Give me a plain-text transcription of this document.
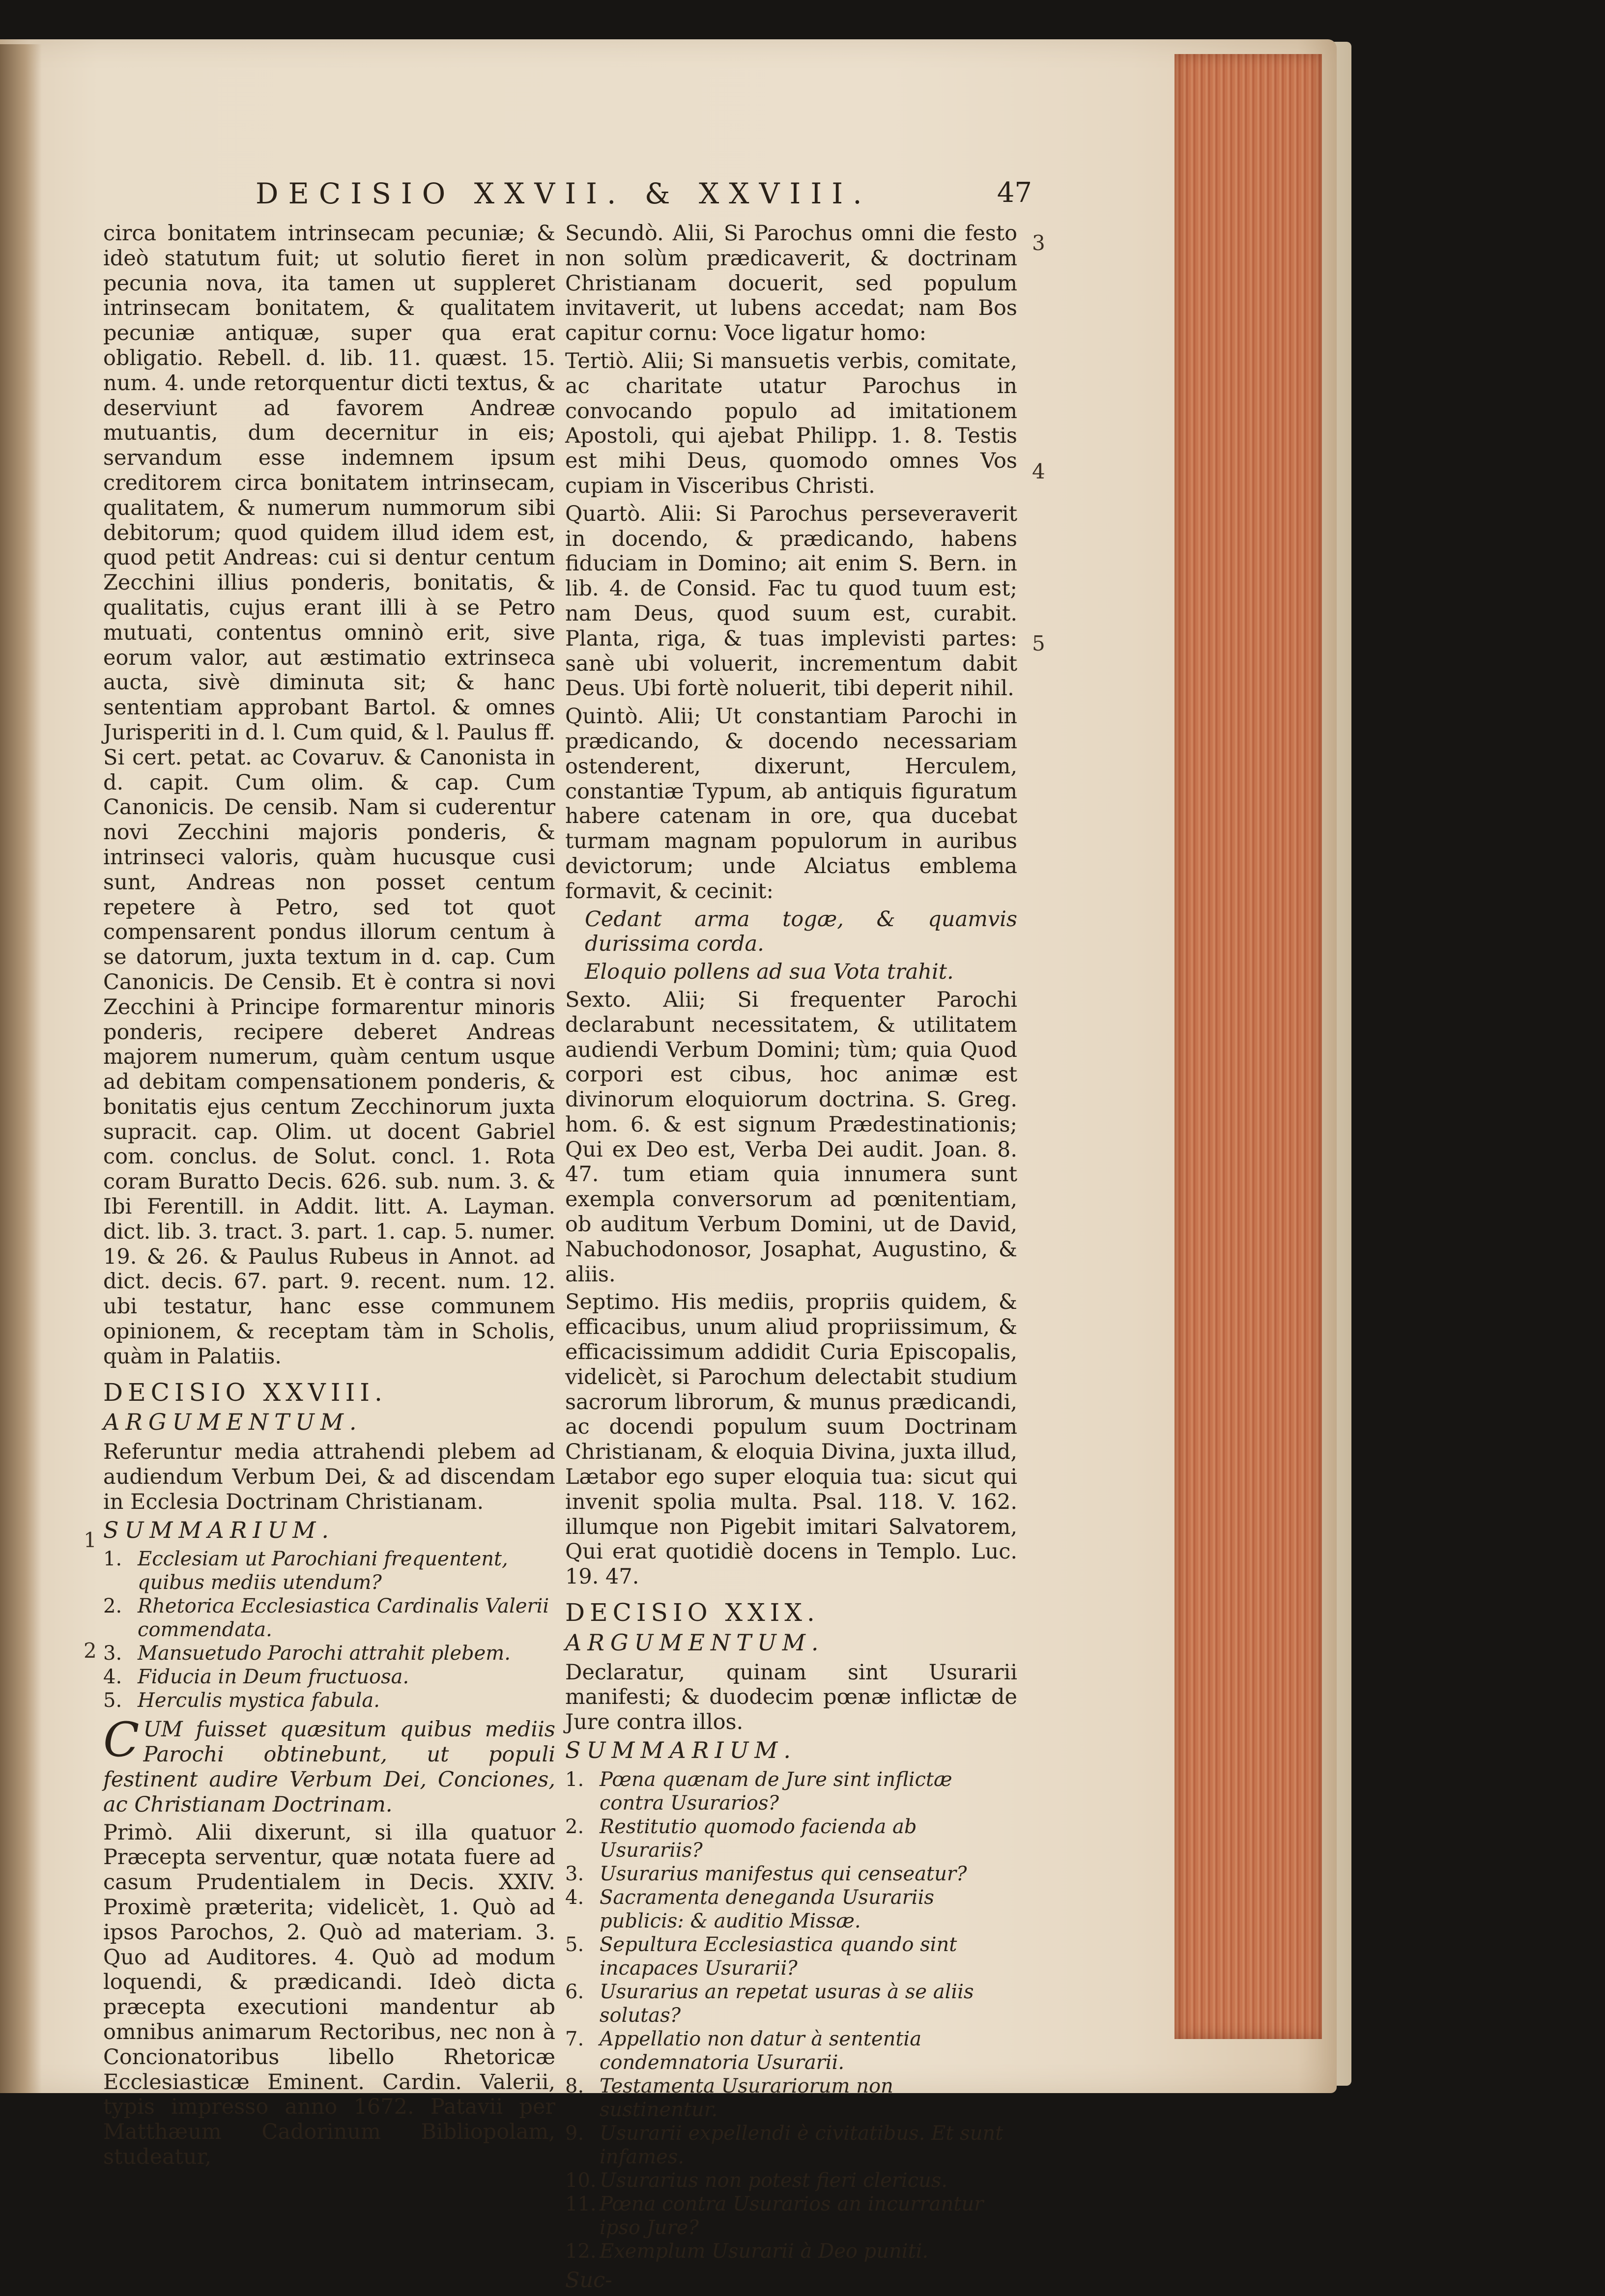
DECISIO XXVII. & XXVIII.	47
3
4
5
1
2

circa bonitatem intrinsecam pecuniæ; & ideò statutum fuit; ut solutio fieret in pecunia nova, ita tamen ut suppleret intrinsecam bonitatem, & qualitatem pecuniæ antiquæ, super qua erat obligatio. Rebell. d. lib. 11. quæst. 15. num. 4. unde retorquentur dicti textus, & deserviunt ad favorem Andreæ mutuantis, dum decernitur in eis; servandum esse indemnem ipsum creditorem circa bonitatem intrinsecam, qualitatem, & numerum nummorum sibi debitorum; quod quidem illud idem est, quod petit Andreas: cui si dentur centum Zecchini illius ponderis, bonitatis, & qualitatis, cujus erant illi à se Petro mutuati, contentus omninò erit, sive eorum valor, aut æstimatio extrinseca aucta, sivè diminuta sit; & hanc sententiam approbant Bartol. & omnes Jurisperiti in d. l. Cum quid, & l. Paulus ff. Si cert. petat. ac Covaruv. & Canonista in d. capit. Cum olim. & cap. Cum Canonicis. De censib. Nam si cuderentur novi Zecchini majoris ponderis, & intrinseci valoris, quàm hucusque cusi sunt, Andreas non posset centum repetere à Petro, sed tot quot compensarent pondus illorum centum à se datorum, juxta textum in d. cap. Cum Canonicis. De Censib. Et è contra si novi Zecchini à Principe formarentur minoris ponderis, recipere deberet Andreas majorem numerum, quàm centum usque ad debitam compensationem ponderis, & bonitatis ejus centum Zecchinorum juxta supracit. cap. Olim. ut docent Gabriel com. conclus. de Solut. concl. 1. Rota coram Buratto Decis. 626. sub. num. 3. & Ibi Ferentill. in Addit. litt. A. Layman. dict. lib. 3. tract. 3. part. 1. cap. 5. numer. 19. & 26. & Paulus Rubeus in Annot. ad dict. decis. 67. part. 9. recent. num. 12. ubi testatur, hanc esse communem opinionem, & receptam tàm in Scholis, quàm in Palatiis.

DECISIO XXVIII.

ARGUMENTUM.

Referuntur media attrahendi plebem ad audiendum Verbum Dei, & ad discendam in Ecclesia Doctrinam Christianam.

SUMMARIUM.

1. Ecclesiam ut Parochiani frequentent, quibus mediis utendum?
2. Rhetorica Ecclesiastica Cardinalis Valerii commendata.
3. Mansuetudo Parochi attrahit plebem.
4. Fiducia in Deum fructuosa.
5. Herculis mystica fabula.

CUM fuisset quæsitum quibus mediis Parochi obtinebunt, ut populi festinent audire Verbum Dei, Conciones, ac Christianam Doctrinam.

Primò. Alii dixerunt, si illa quatuor Præcepta serventur, quæ notata fuere ad casum Prudentialem in Decis. XXIV. Proximè præterita; videlicèt, 1. Quò ad ipsos Parochos, 2. Quò ad materiam. 3. Quo ad Auditores. 4. Quò ad modum loquendi, & prædicandi. Ideò dicta præcepta executioni mandentur ab omnibus animarum Rectoribus, nec non à Concionatoribus libello Rhetoricæ Ecclesiasticæ Eminent. Cardin. Valerii, typis impresso anno 1672. Patavii per Matthæum Cadorinum Bibliopolam, studeatur,

Secundò. Alii, Si Parochus omni die festo non solùm prædicaverit, & doctrinam Christianam docuerit, sed populum invitaverit, ut lubens accedat; nam Bos capitur cornu: Voce ligatur homo:

Tertiò. Alii; Si mansuetis verbis, comitate, ac charitate utatur Parochus in convocando populo ad imitationem Apostoli, qui ajebat Philipp. 1. 8. Testis est mihi Deus, quomodo omnes Vos cupiam in Visceribus Christi.

Quartò. Alii: Si Parochus perseveraverit in docendo, & prædicando, habens fiduciam in Domino; ait enim S. Bern. in lib. 4. de Consid. Fac tu quod tuum est; nam Deus, quod suum est, curabit. Planta, riga, & tuas implevisti partes: sanè ubi voluerit, incrementum dabit Deus. Ubi fortè noluerit, tibi deperit nihil.

Quintò. Alii; Ut constantiam Parochi in prædicando, & docendo necessariam ostenderent, dixerunt, Herculem, constantiæ Typum, ab antiquis figuratum habere catenam in ore, qua ducebat turmam magnam populorum in auribus devictorum; unde Alciatus emblema formavit, & cecinit:

Cedant arma togæ, & quamvis durissima corda.

Eloquio pollens ad sua Vota trahit.

Sexto. Alii; Si frequenter Parochi declarabunt necessitatem, & utilitatem audiendi Verbum Domini; tùm; quia Quod corpori est cibus, hoc animæ est divinorum eloquiorum doctrina. S. Greg. hom. 6. & est signum Prædestinationis; Qui ex Deo est, Verba Dei audit. Joan. 8. 47. tum etiam quia innumera sunt exempla conversorum ad pœnitentiam, ob auditum Verbum Domini, ut de David, Nabuchodonosor, Josaphat, Augustino, & aliis.

Septimo. His mediis, propriis quidem, & efficacibus, unum aliud propriissimum, & efficacissimum addidit Curia Episcopalis, videlicèt, si Parochum delectabit studium sacrorum librorum, & munus prædicandi, ac docendi populum suum Doctrinam Christianam, & eloquia Divina, juxta illud, Lætabor ego super eloquia tua: sicut qui invenit spolia multa. Psal. 118. V. 162. illumque non Pigebit imitari Salvatorem, Qui erat quotidiè docens in Templo. Luc. 19. 47.

DECISIO XXIX.

ARGUMENTUM.

Declaratur, quinam sint Usurarii manifesti; & duodecim pœnæ inflictæ de Jure contra illos.

SUMMARIUM.

1. Pœna quænam de Jure sint inflictæ contra Usurarios?
2. Restitutio quomodo facienda ab Usurariis?
3. Usurarius manifestus qui censeatur?
4. Sacramenta deneganda Usurariis publicis: & auditio Missæ.
5. Sepultura Ecclesiastica quando sint incapaces Usurarii?
6. Usurarius an repetat usuras à se aliis solutas?
7. Appellatio non datur à sententia condemnatoria Usurarii.
8. Testamenta Usurariorum non sustinentur.
9. Usurarii expellendi è civitatibus. Et sunt infames.
10. Usurarius non potest fieri clericus.
11. Pœna contra Usurarios an incurrantur ipso Jure?
12. Exemplum Usurarii à Deo puniti.

Suc-
